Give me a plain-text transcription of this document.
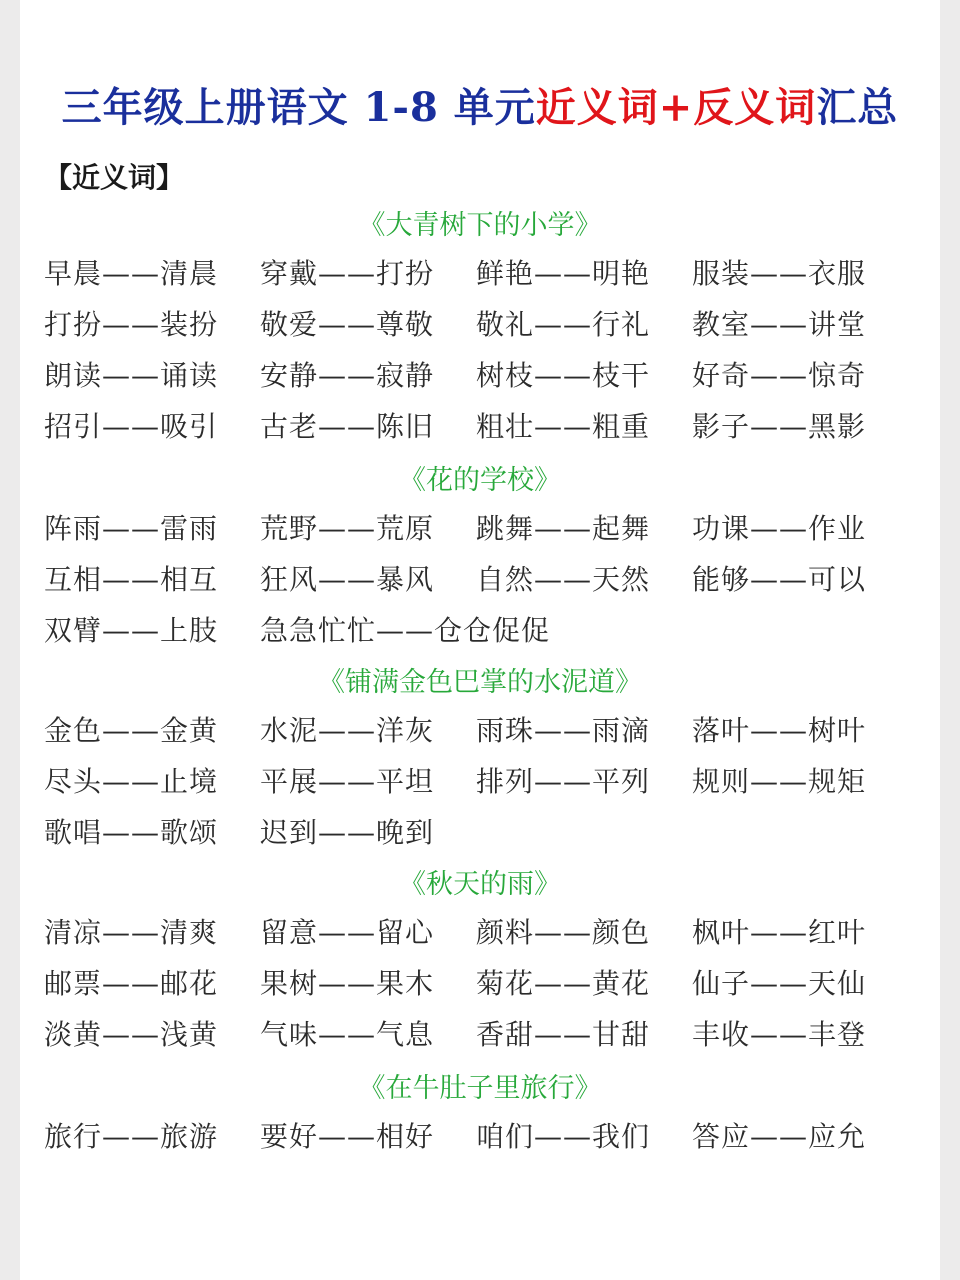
三年级上册语文 1-8 单元近义词+反义词汇总
【近义词】
《大青树下的小学》
早晨——清晨 穿戴——打扮 鲜艳——明艳 服装——衣服
打扮——装扮 敬爱——尊敬 敬礼——行礼 教室——讲堂
朗读——诵读 安静——寂静 树枝——枝干 好奇——惊奇
招引——吸引 古老——陈旧 粗壮——粗重 影子——黑影
《花的学校》
阵雨——雷雨 荒野——荒原 跳舞——起舞 功课——作业
互相——相互 狂风——暴风 自然——天然 能够——可以
双臂——上肢 急急忙忙——仓仓促促
《铺满金色巴掌的水泥道》
金色——金黄 水泥——洋灰 雨珠——雨滴 落叶——树叶
尽头——止境 平展——平坦 排列——平列 规则——规矩
歌唱——歌颂 迟到——晚到
《秋天的雨》
清凉——清爽 留意——留心 颜料——颜色 枫叶——红叶
邮票——邮花 果树——果木 菊花——黄花 仙子——天仙
淡黄——浅黄 气味——气息 香甜——甘甜 丰收——丰登
《在牛肚子里旅行》
旅行——旅游 要好——相好 咱们——我们 答应——应允
